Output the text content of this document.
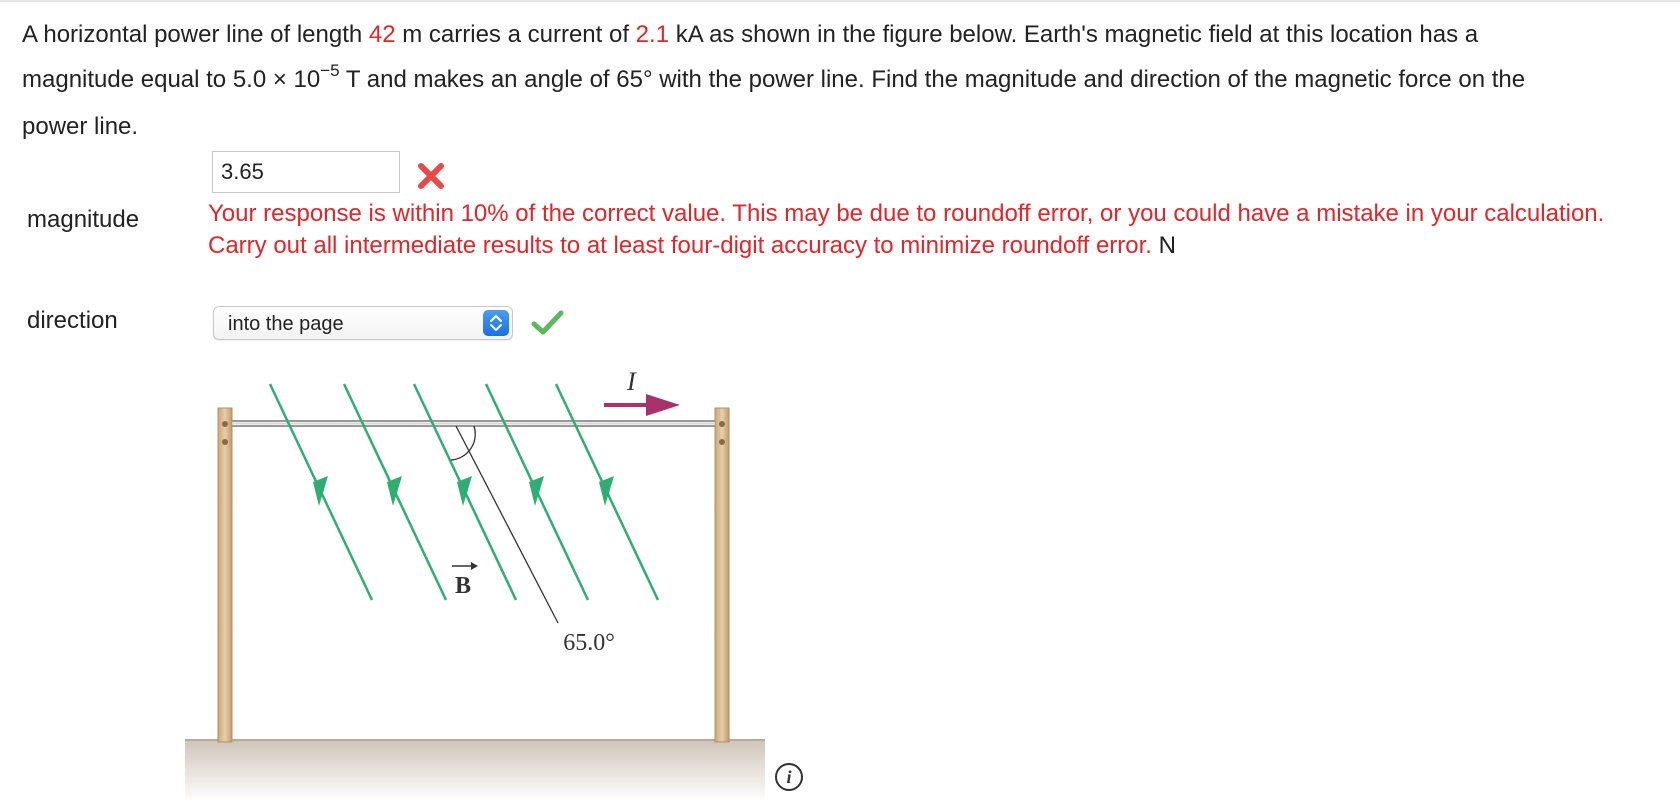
A horizontal power line of length 42 m carries a current of 2.1 kA as shown in the figure below. Earth's magnetic field at this location has a magnitude equal to $5.0 \times 10^{-5}$ T and makes an angle of 65° with the power line. Find the magnitude and direction of the magnetic force on the power line.
magnitude
3.65	Your response is within 10% of the correct value. This may be due to roundoff error, or you could have a mistake in your calculation. Carry out all intermediate results to at least four-digit accuracy to minimize roundoff error. N
direction	into the page
I
B
65.0°
i
